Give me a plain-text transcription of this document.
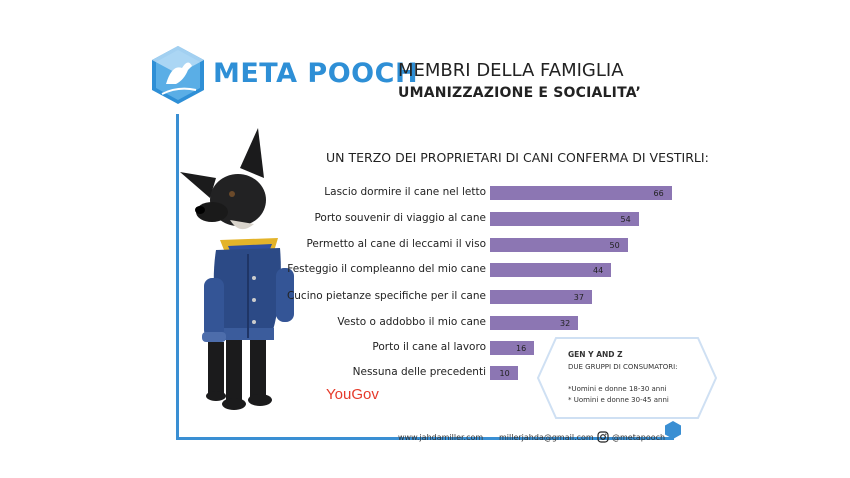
META POOCH
MEMBRI DELLA FAMIGLIA
UMANIZZAZIONE E SOCIALITA’
UN TERZO DEI PROPRIETARI DI CANI CONFERMA DI VESTIRLI:
Lascio dormire il cane nel letto
Porto souvenir di viaggio al cane
Permetto al cane di leccami il viso
Festeggio il compleanno del mio cane
Cucino pietanze specifiche per il cane
Vesto o addobbo il mio cane
Porto il cane al lavoro
Nessuna delle precedenti
66
54
50
44
37
32
16
10
GEN Y AND Z
DUE GRUPPI DI CONSUMATORI:
*Uomini e donne 18-30 anni
* Uomini e donne 30-45 anni
YouGov
www.jahdamiller.com millerjahda@gmail.com @metapooch
